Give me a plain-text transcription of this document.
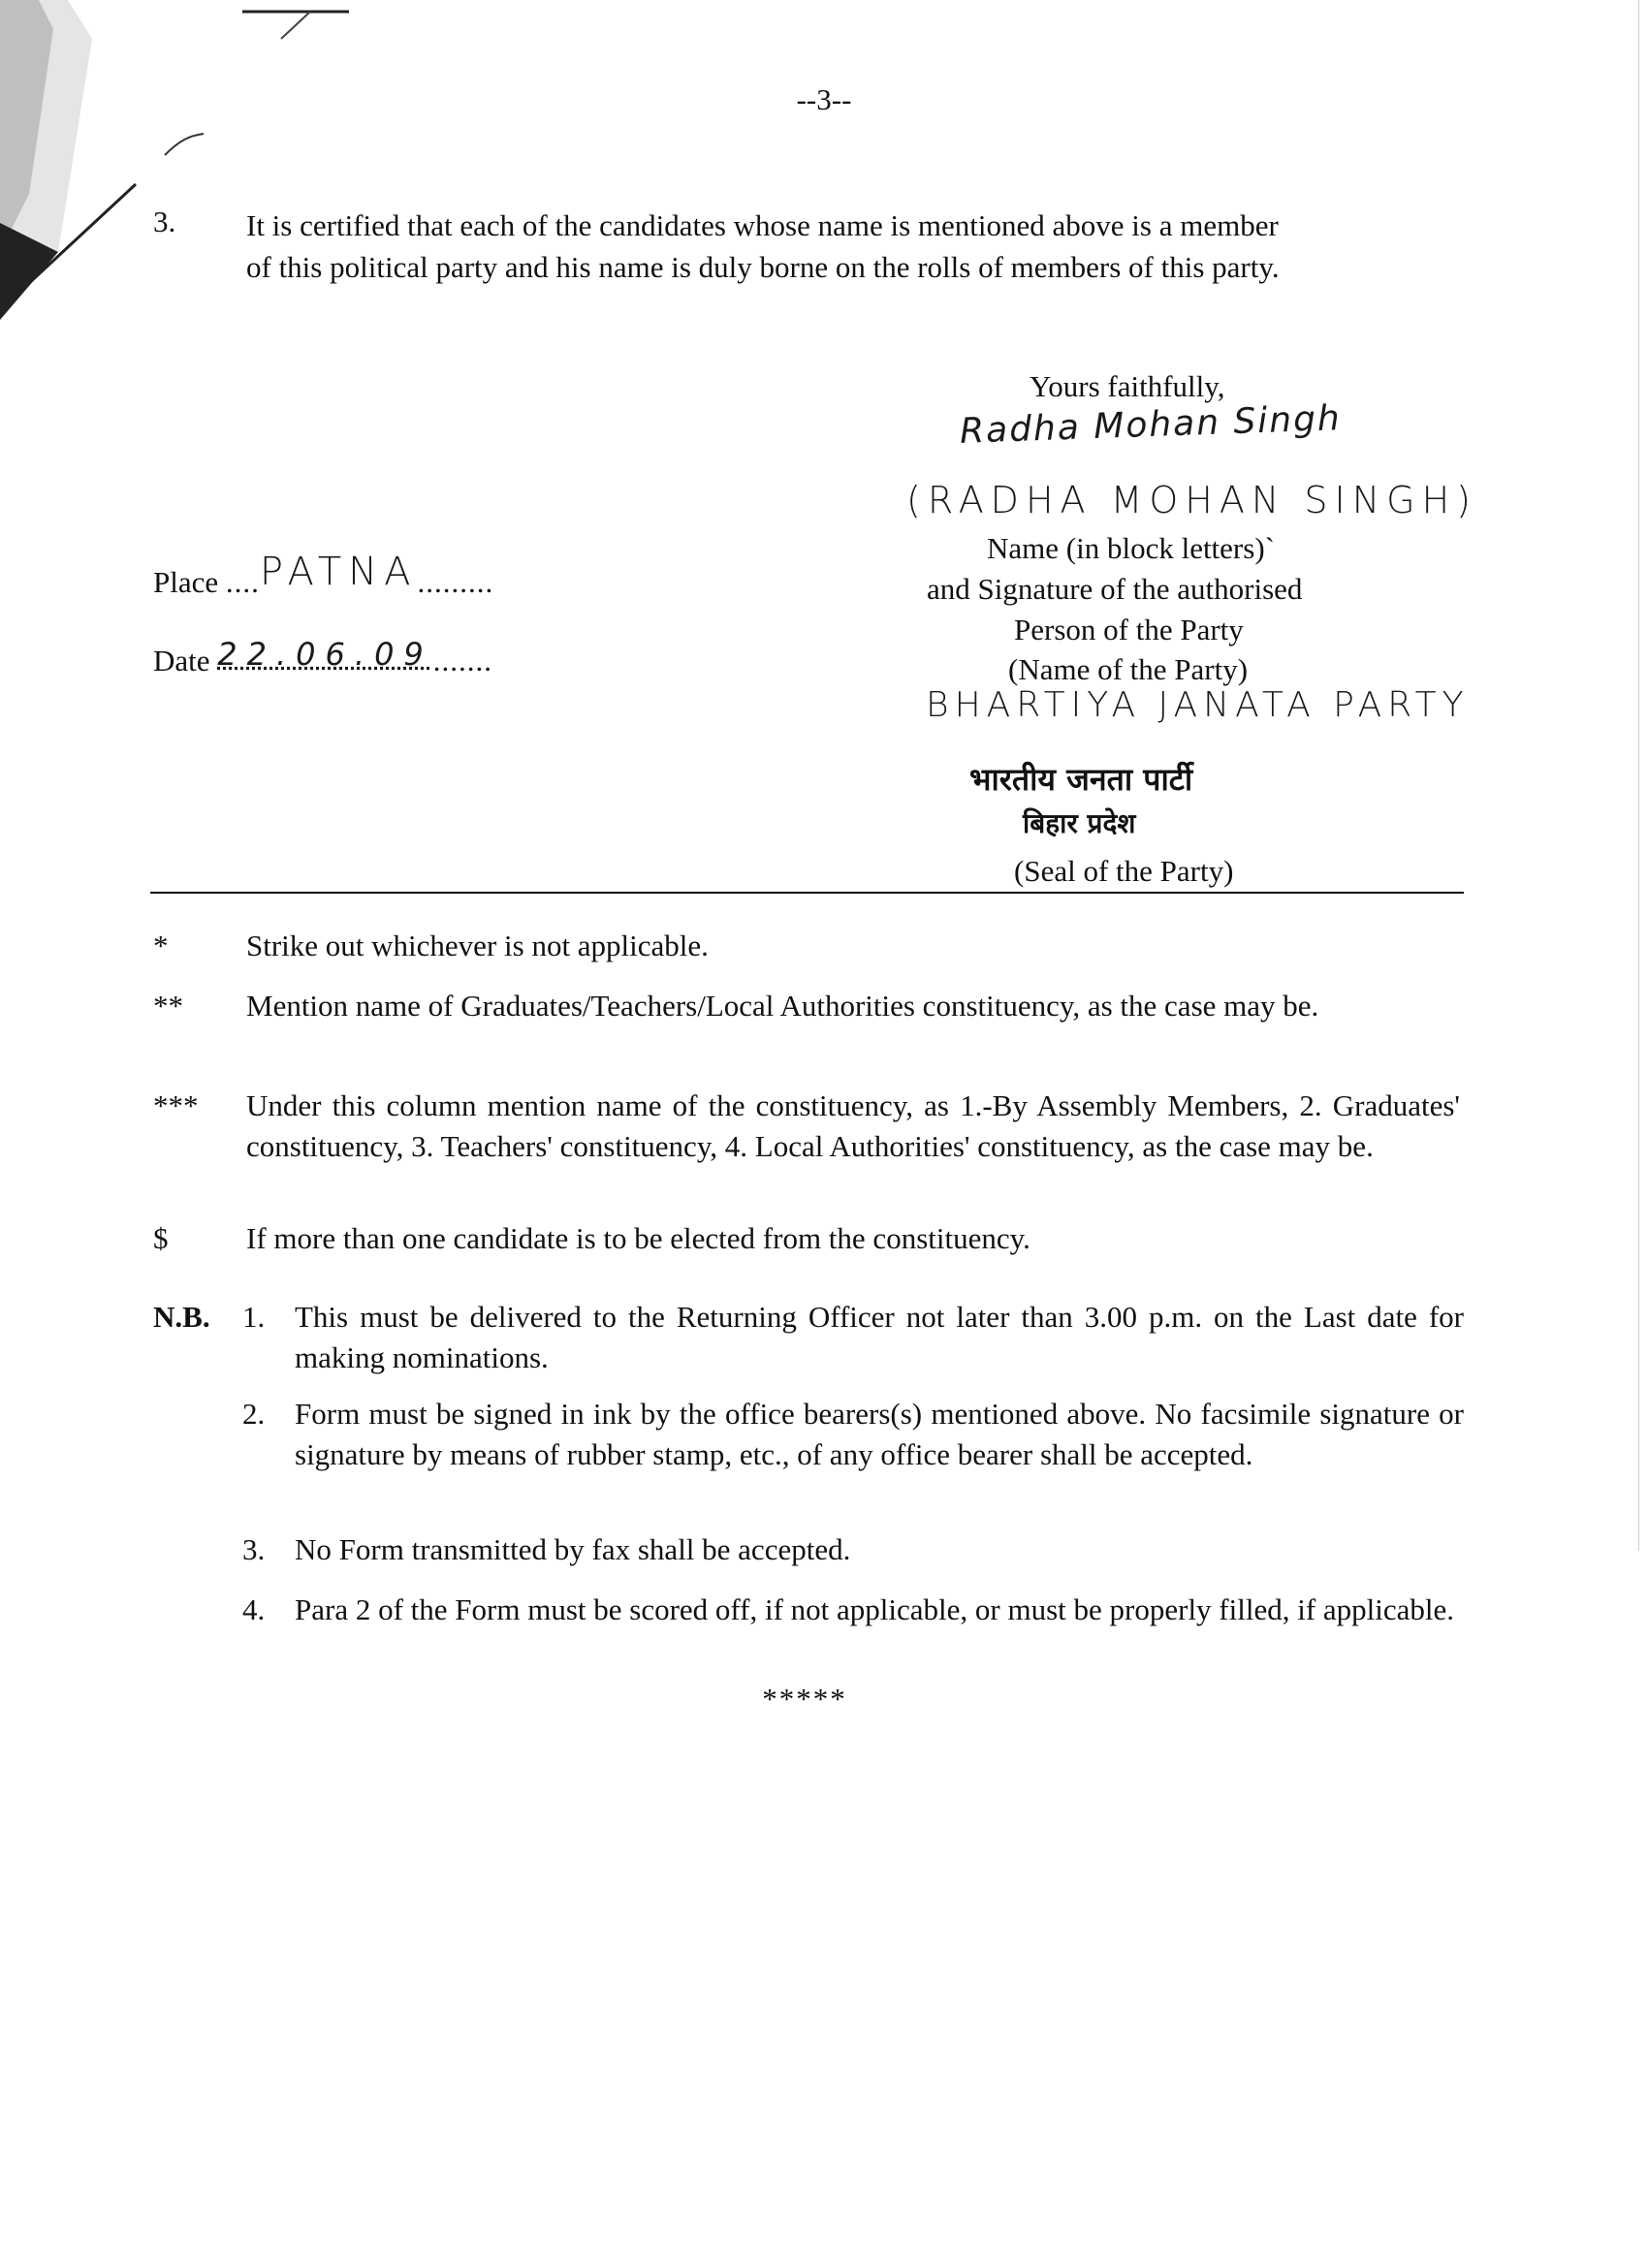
--3--
3. It is certified that each of the candidates whose name is mentioned above is a member
of this political party and his name is duly borne on the rolls of members of this party.
Yours faithfully,
Radha Mohan Singh
(RADHA MOHAN SINGH)
Name (in block letters)`
and Signature of the authorised
Person of the Party
(Name of the Party)
BHARTIYA JANATA PARTY
भारतीय जनता पार्टी
बिहार प्रदेश
(Seal of the Party)
Place ....PATNA.........
Date 22.06.09.......
*	Strike out whichever is not applicable.
** Mention name of Graduates/Teachers/Local Authorities constituency, as the case may be.
*** Under this column mention name of the constituency, as 1.-By Assembly Members, 2. Graduates' constituency, 3. Teachers' constituency, 4. Local Authorities' constituency, as the case may be.
$	If more than one candidate is to be elected from the constituency.
N.B. 1. This must be delivered to the Returning Officer not later than 3.00 p.m. on the Last date for making nominations.
2. Form must be signed in ink by the office bearers(s) mentioned above. No facsimile signature or signature by means of rubber stamp, etc., of any office bearer shall be accepted.
3. No Form transmitted by fax shall be accepted.
4. Para 2 of the Form must be scored off, if not applicable, or must be properly filled, if applicable.
*****
